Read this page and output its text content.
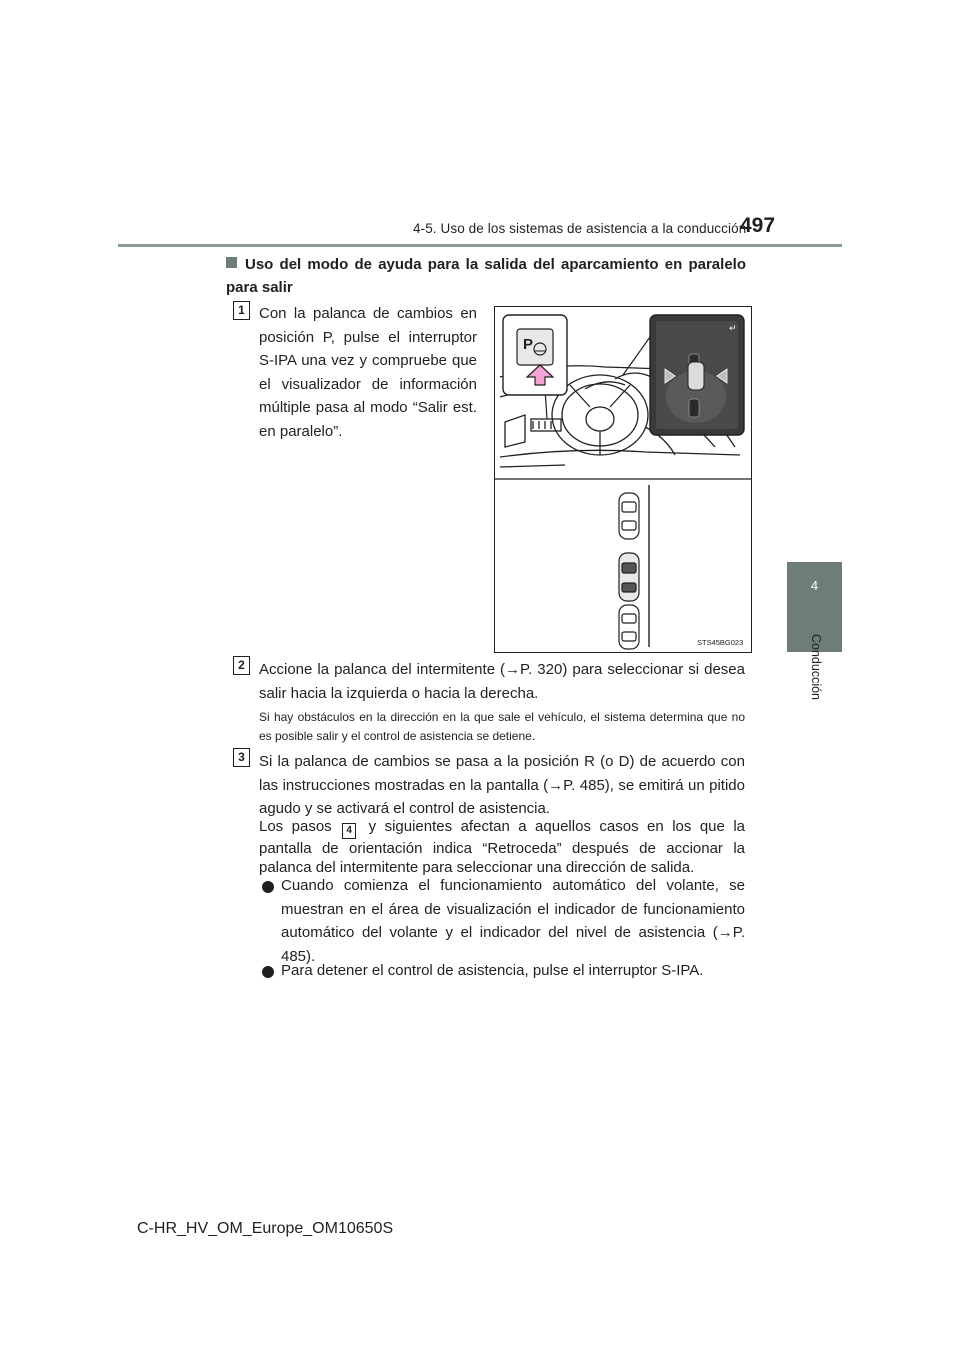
4-5. Uso de los sistemas de asistencia a la conducción
497
4
Conducción
Uso del modo de ayuda para la salida del aparcamiento en paralelo
para salir
1 Con la palanca de cambios en posición P, pulse el interruptor S-IPA una vez y compruebe que el visualizador de información múltiple pasa al modo “Salir est. en paralelo”.
P
↵
STS45BG023
2 Accione la palanca del intermitente (→P. 320) para seleccionar si desea salir hacia la izquierda o hacia la derecha.
Si hay obstáculos en la dirección en la que sale el vehículo, el sistema determina que no es posible salir y el control de asistencia se detiene.
3 Si la palanca de cambios se pasa a la posición R (o D) de acuerdo con las instrucciones mostradas en la pantalla (→P. 485), se emitirá un pitido agudo y se activará el control de asistencia.
Los pasos 4 y siguientes afectan a aquellos casos en los que la pantalla de orientación indica “Retroceda” después de accionar la palanca del intermitente para seleccionar una dirección de salida.
Cuando comienza el funcionamiento automático del volante, se muestran en el área de visualización el indicador de funcionamiento automático del volante y el indicador del nivel de asistencia (→P. 485).
Para detener el control de asistencia, pulse el interruptor S-IPA.
C-HR_HV_OM_Europe_OM10650S
